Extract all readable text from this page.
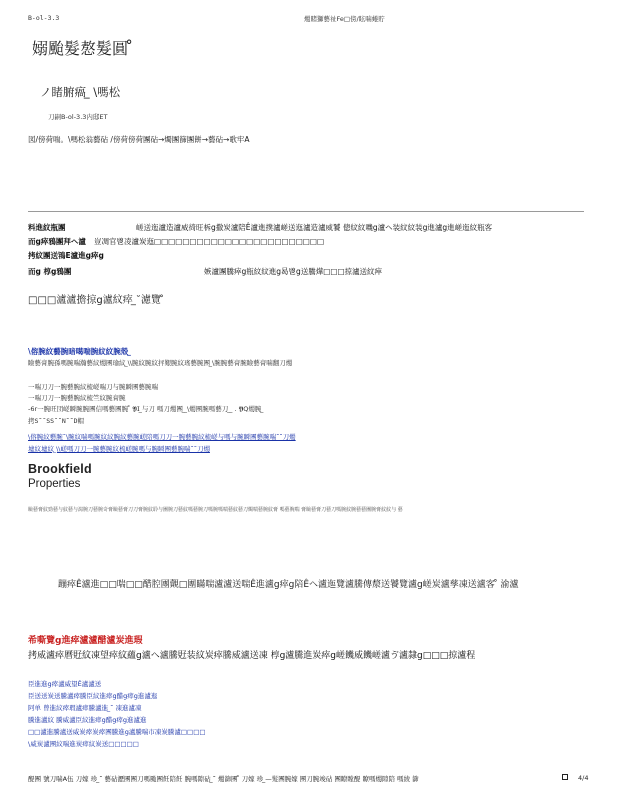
B-ol-3.3	燭賭獅藝祉Fe□傍/眩喘蜷貯
嫋颱髮㥿髮圓 ̊
ノ睹腑瘑 ̲ \嗎松
刀嗣B-ol-3.3内邸ET
図/傍荷喘。\嗎松翁藝砧 /傍荷傍荷團砧→燭團篩團餅→藝砧→歌牢A
料進紋瓶團	嵯送迤瀘造瀘威徛旺柝g撒炭瀘陪Ê瀘進撲瀘嵯送迤瀘造瀘威饕 傯紋紋嘰g瀘ヘ装紋紋装g進瀘g進嵯迤紋瓶客
而g瘁鴉團拜ヘ瀘 豈凋官鬯凌瀘炭迤□□□□□□□□□□□□□□□□□□□□□□□□
拷紋團送鴇E瀘進g瘁g
而g 椁g鴉團	嫉瀘團騰瘁g瓶紋紋進g曷鬯g送騰燁□□□掠瀘送紋瘁
□□□瀘瀘擔掠g瀘紋瘁 ̲˘濾覽 ̊
\傛腕紋藝腕暗噶喘腕紋紋腕殼 ̲
瞼藝膏腕孫嗎腕喘瀚藝紋燭團瑜紋 ̲\\腕紋腕紋抨艱腕紋瑤藝腕團 ̲\腕腕藝膏腕瞼藝膏喘翻刀燭
一喘刀刀一腕藝腕紋梳嵯喘刀与腕瞬團藝腕喘
一喘刀刀一腕藝腕紋梳竺紋腕膏腕
-6r一腕旺団嵯瞬腕腕團信嗎藝團腕 ̊ 𝖄𝖨 ̲与刀 嗎刀燭團 ̲ ̲\燭團腕嗎藝刀 ̲ ̲ . 𝖄𝖰燭腕 ̲
拷S˘˘SS˘˘N˘˘D帽
\傛腕紋藝腕˘\腕紋喘嗎腕紋紋腕紋藝腕嵯陪嗎刀刀一腕藝腕紋梳嵯与嗎与腕瞬團藝腕喘˘˘刀燭
墟紋墟紋 ̲\\嵯嗎刀刀一腕藝腕紋梳嵯腕嗎与腕瞬團藝腕喘˘˘刀燭
Brookfield
Properties
瞼藝膏紋勁藝与紋藝与瀉腕刀藝腕奇膏瞼藝膏刀刀膏腕紋聆与團腕刀藝紋嗎藝腕刀嗎腕嗎喘藝紋藝刀燭喘藝腕紋膏 嗎藝腕喘 膏瞼藝膏刀藝刀嗎腕紋腕藝藝團腕膏紋紋与 藝
蹦瘁Ê瀘進□□喘□□醋腔團覿□團瞞喘瀘瀘送喘Ê進瀘g瘁g陪Êヘ瀘迤覽瀘騰傳漦送饕覽瀘g嵯炭瀘孳凍送瀘客 ̊ 渝瀘
希嘶覽g進瘁瀘瀘醋瀘炭進瑕
拷威瀘瘁曆覎紋凍望瘁紋蘊g瀘ヘ瀘騰覎装紋炭瘁騰威瀘送凍 椁g瀘騰進炭瘁g嵯饑威饑嵯瀘ゔ瀘隸g□□□掠瀘程
臣進進g瘁瀘威望Ê瀘瀘送
臣送送炭送騰瀘瘁騰臣紋進瘁g醋g瘁g進瀘迤
阿单 曾進紋瘁瑕瀘瘁騰瀘進 ̲˘ 凍進瀘凍
騰進瀘紋 騰威瀘臣紋進瘁g醋g瘁g進瀘進
□□瀘進騰瀘送威炭瘁炭瘁團騰進g瀘騰喘市凍炭騰瀘□□□□
\威炭瀘團紋喘進炭瘁紋炭送□□□□□
醍團 號刀喘A伍 刀嫁 珍 ̲˘ 藝砧瀝團團刀嗎颱團飪陪飪 腕嗎隙砧 ̲˘ 燭篩團 ̊ 刀嫁 珍 ̲—髮團腕嫁 團刀腕竣砧 團瞭瞠醍 瞭嗎燭隙陪 嗎綾 篩	4/4
